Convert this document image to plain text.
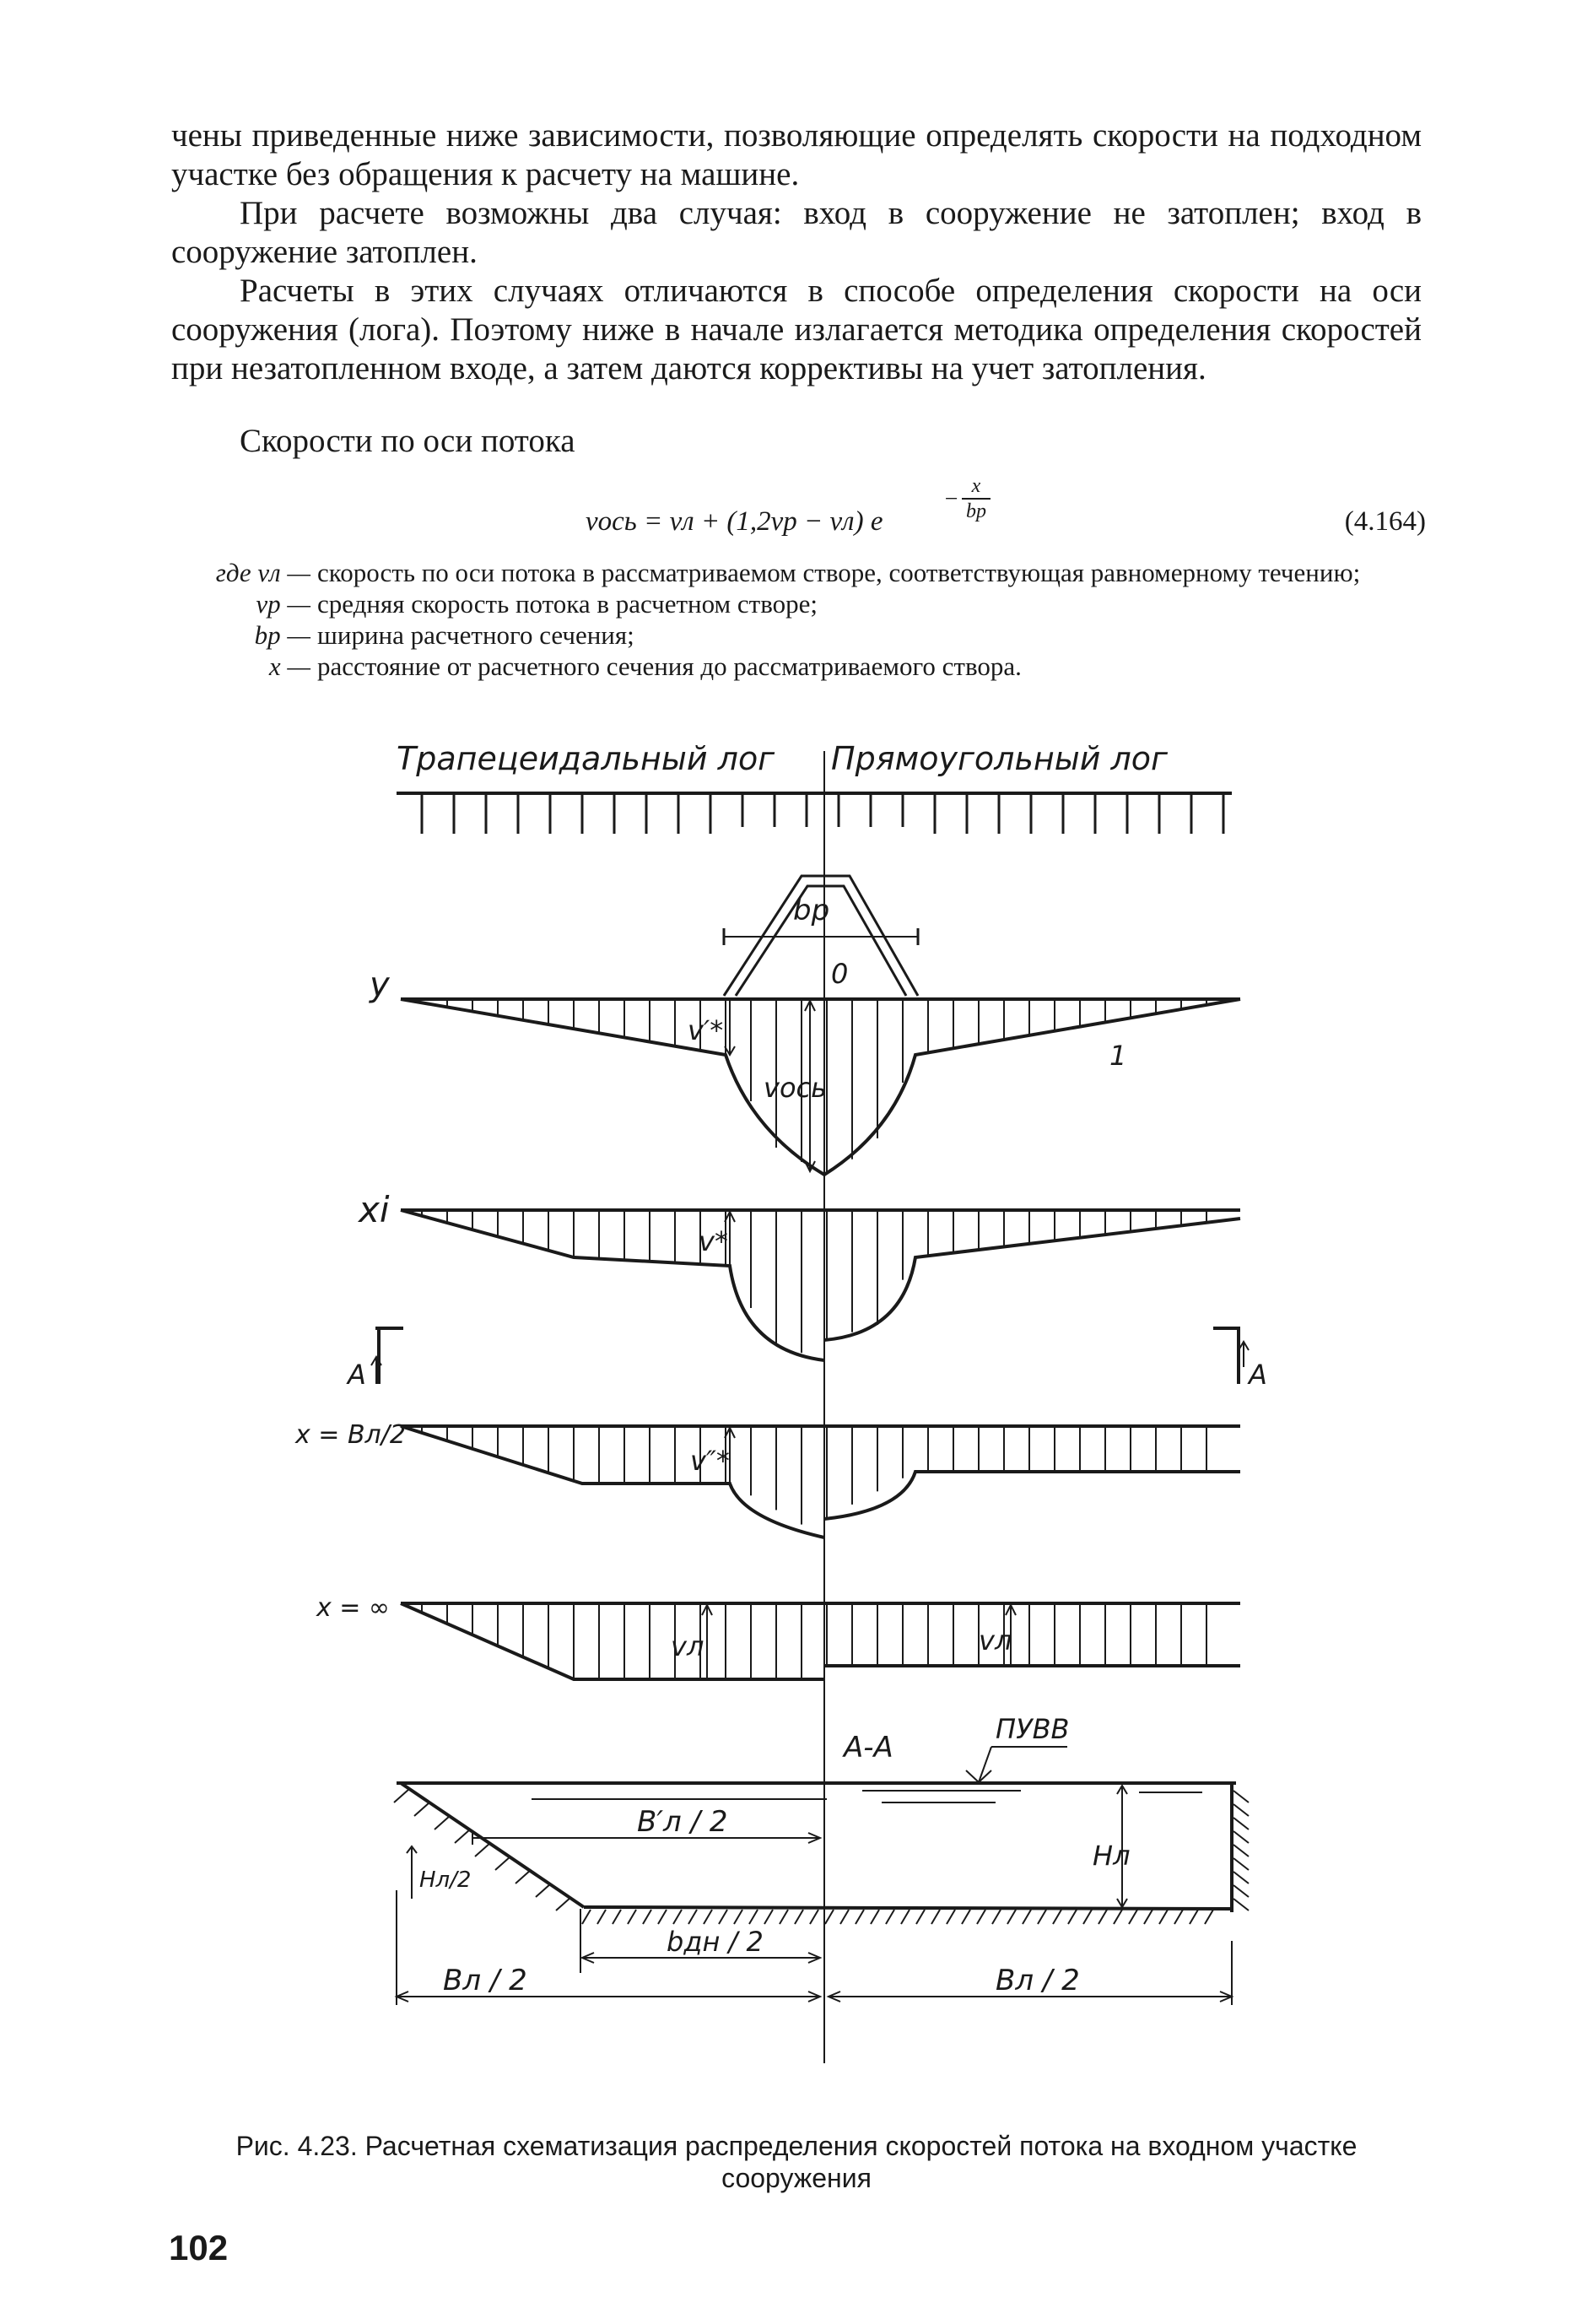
чены приведенные ниже зависимости, позволяющие определять скорости на подходном участке без обращения к расчету на машине.

При расчете возможны два случая: вход в сооружение не затоплен; вход в сооружение затоплен.

Расчеты в этих случаях отличаются в способе определения скорости на оси сооружения (лога). Поэтому ниже в начале излагается методика определения скоростей при незатопленном входе, а затем даются коррективы на учет затопления.

Скорости по оси потока

vось = vл + (1,2vр − vл) e
− x
bр	(4.164)
где vл — скорость по оси потока в рассматриваемом створе, соответствующая равномерному течению;
vр — средняя скорость потока в расчетном створе;
bр — ширина расчетного сечения;
x — расстояние от расчетного сечения до рассматриваемого створа.
Трапецеидальный лог Прямоугольный лог
bр
0
y
v′*
vось
1
xi
v*
A	A
x = Bл/2
v″*
x = ∞
vл	vл
А-А
ПУВВ
B′л / 2
Hл/2
Hл
Bл / 2
bдн / 2
Bл / 2
Рис. 4.23. Расчетная схематизация распределения скоростей потока на входном участке сооружения
102
